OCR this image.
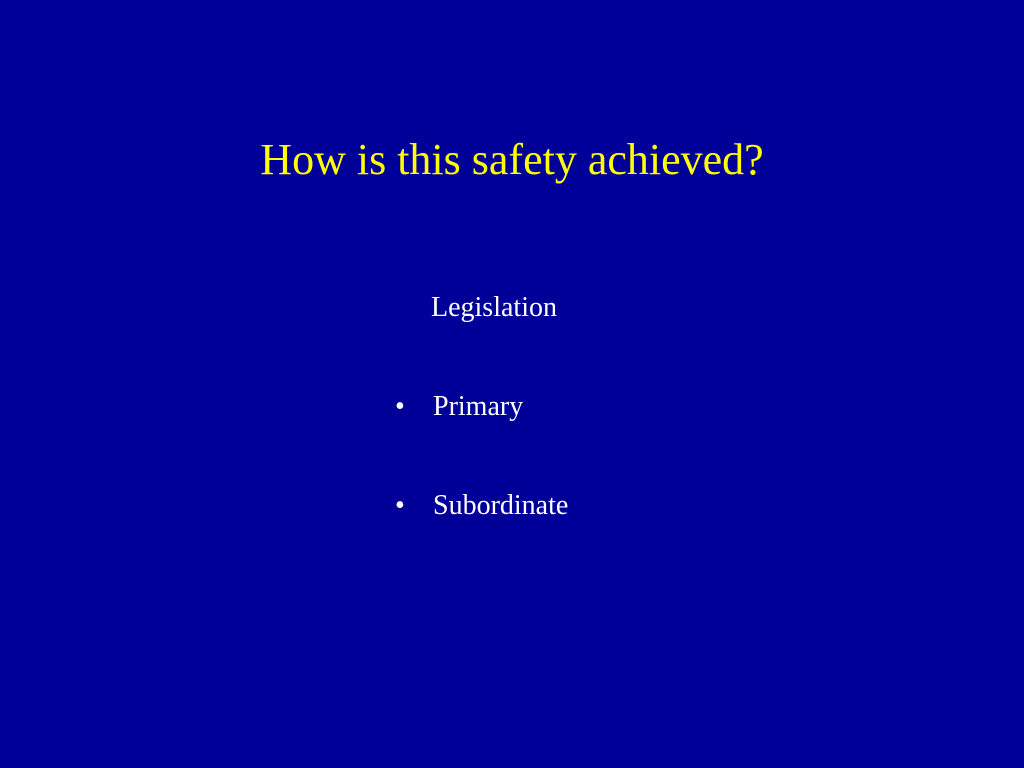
How is this safety achieved?
Legislation
• Primary
• Subordinate
